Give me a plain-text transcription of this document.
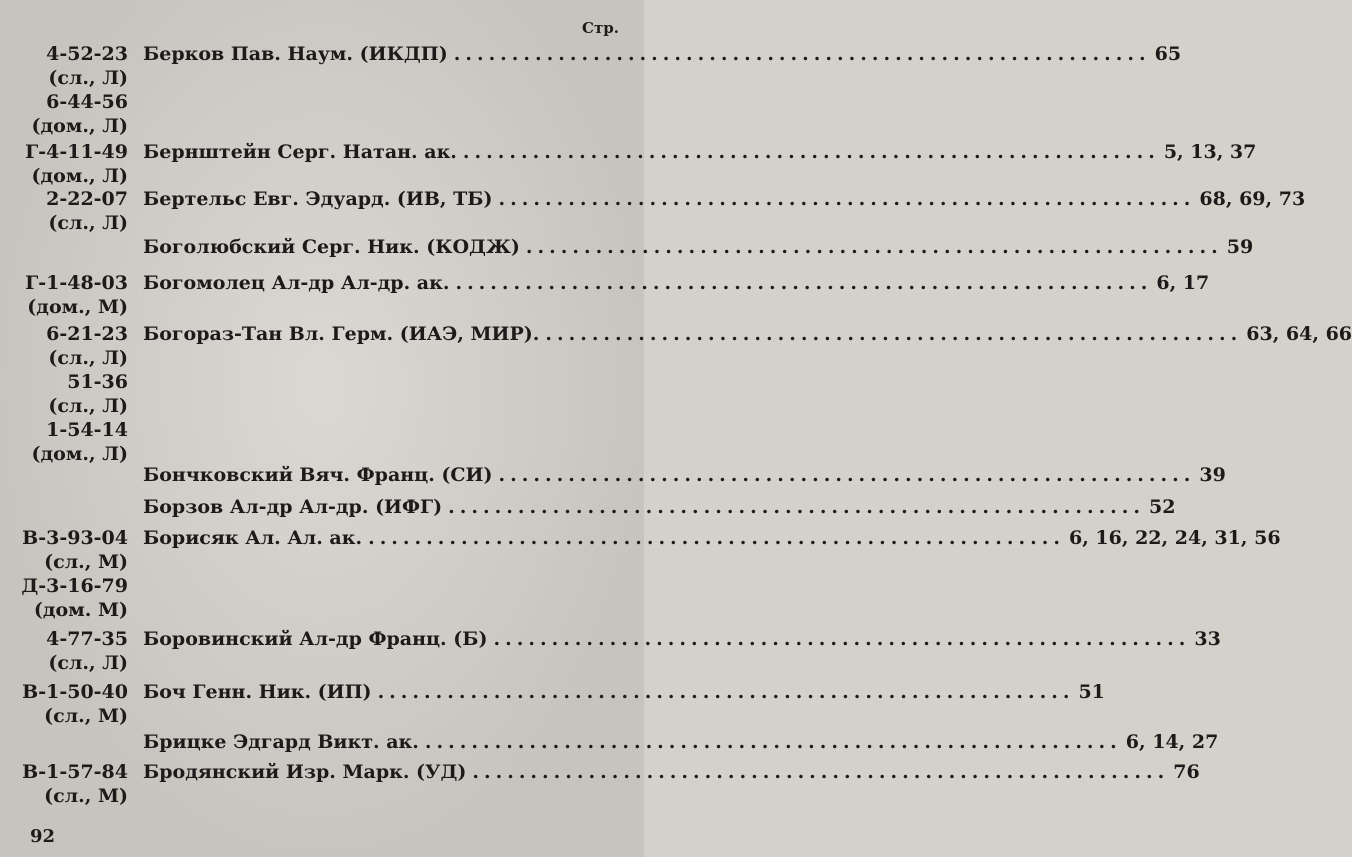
Стр.
4-52-23
(сл., Л)
6-44-56
(дом., Л)
Берков Пав. Наум. (ИКДП) ............................................................ 65
Г-4-11-49
(дом., Л)
Бернштейн Серг. Натан. ак. ............................................................ 5, 13, 37
2-22-07
(сл., Л)
Бертельс Евг. Эдуард. (ИВ, ТБ) ............................................................ 68, 69, 73
Боголюбский Серг. Ник. (КОДЖ) ............................................................ 59
Г-1-48-03
(дом., М)
Богомолец Ал-др Ал-др. ак. ............................................................ 6, 17
6-21-23
(сл., Л)
51-36
(сл., Л)
1-54-14
(дом., Л)
Богораз-Тан Вл. Герм. (ИАЭ, МИР). ............................................................ 63, 64, 66
Бончковский Вяч. Франц. (СИ) ............................................................ 39
Борзов Ал-др Ал-др. (ИФГ) ............................................................ 52
В-3-93-04
(сл., М)
Д-3-16-79
(дом. М)
Борисяк Ал. Ал. ак. ............................................................ 6, 16, 22, 24, 31, 56
4-77-35
(сл., Л)
Боровинский Ал-др Франц. (Б) ............................................................ 33
В-1-50-40
(сл., М)
Боч Генн. Ник. (ИП) ............................................................ 51
Брицке Эдгард Викт. ак. ............................................................ 6, 14, 27
В-1-57-84
(сл., М)
Бродянский Изр. Марк. (УД) ............................................................ 76
92
